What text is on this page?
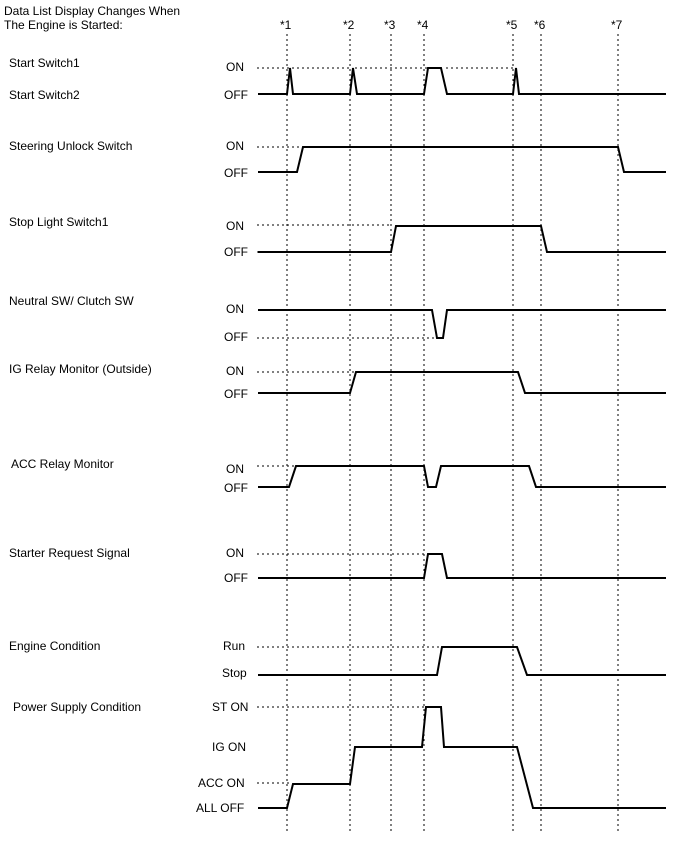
Data List Display Changes When
The Engine is Started:	*1	*2 *3 *4	*5 *6	*7
Start Switch1
Start Switch2
Steering Unlock Switch
Stop Light Switch1
Neutral SW/ Clutch SW
IG Relay Monitor (Outside)
ACC Relay Monitor
Starter Request Signal
Engine Condition
Power Supply Condition
ON
OFF
ON
OFF
ON
OFF
ON
OFF
ON
OFF
ON
OFF
ON
OFF
Run
Stop
ST ON
IG ON
ACC ON
ALL OFF
